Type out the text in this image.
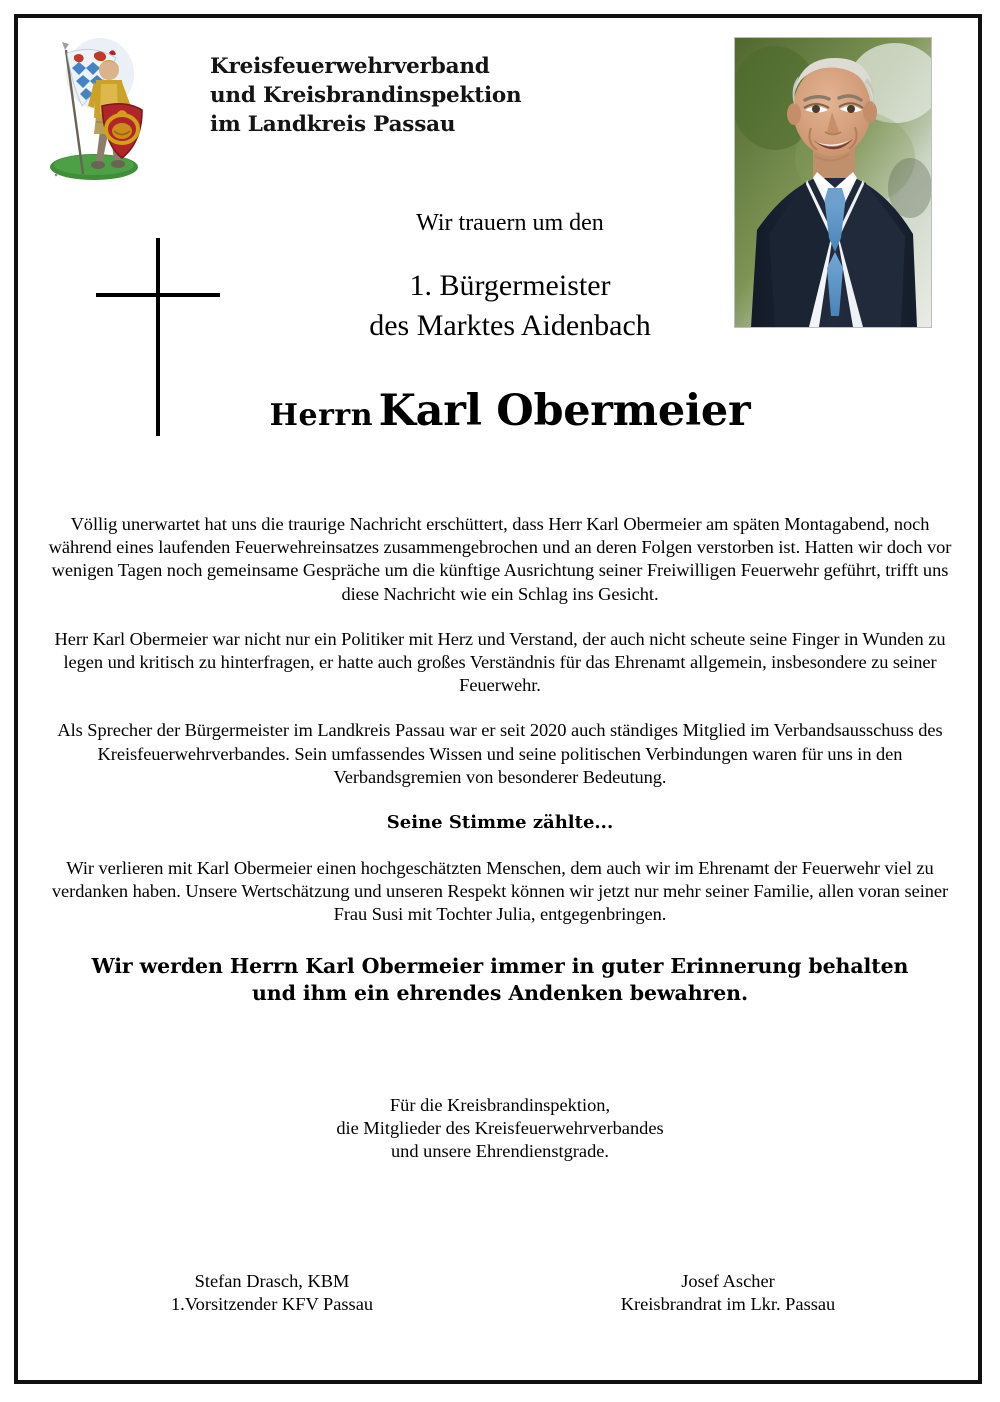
Kreisfeuerwehrverband
und Kreisbrandinspektion
im Landkreis Passau
Wir trauern um den
1. Bürgermeister
des Marktes Aidenbach
Herrn Karl Obermeier

Völlig unerwartet hat uns die traurige Nachricht erschüttert, dass Herr Karl Obermeier am späten Montagabend, noch während eines laufenden Feuerwehreinsatzes zusammengebrochen und an deren Folgen verstorben ist. Hatten wir doch vor wenigen Tagen noch gemeinsame Gespräche um die künftige Ausrichtung seiner Freiwilligen Feuerwehr geführt, trifft uns diese Nachricht wie ein Schlag ins Gesicht.

Herr Karl Obermeier war nicht nur ein Politiker mit Herz und Verstand, der auch nicht scheute seine Finger in Wunden zu legen und kritisch zu hinterfragen, er hatte auch großes Verständnis für das Ehrenamt allgemein, insbesondere zu seiner Feuerwehr.

Als Sprecher der Bürgermeister im Landkreis Passau war er seit 2020 auch ständiges Mitglied im Verbandsausschuss des Kreisfeuerwehrverbandes. Sein umfassendes Wissen und seine politischen Verbindungen waren für uns in den Verbandsgremien von besonderer Bedeutung.

Seine Stimme zählte...

Wir verlieren mit Karl Obermeier einen hochgeschätzten Menschen, dem auch wir im Ehrenamt der Feuerwehr viel zu verdanken haben. Unsere Wertschätzung und unseren Respekt können wir jetzt nur mehr seiner Familie, allen voran seiner Frau Susi mit Tochter Julia, entgegenbringen.

Wir werden Herrn Karl Obermeier immer in guter Erinnerung behalten
und ihm ein ehrendes Andenken bewahren.
Für die Kreisbrandinspektion,
die Mitglieder des Kreisfeuerwehrverbandes
und unsere Ehrendienstgrade.
Stefan Drasch, KBM
1.Vorsitzender KFV Passau
Josef Ascher
Kreisbrandrat im Lkr. Passau
